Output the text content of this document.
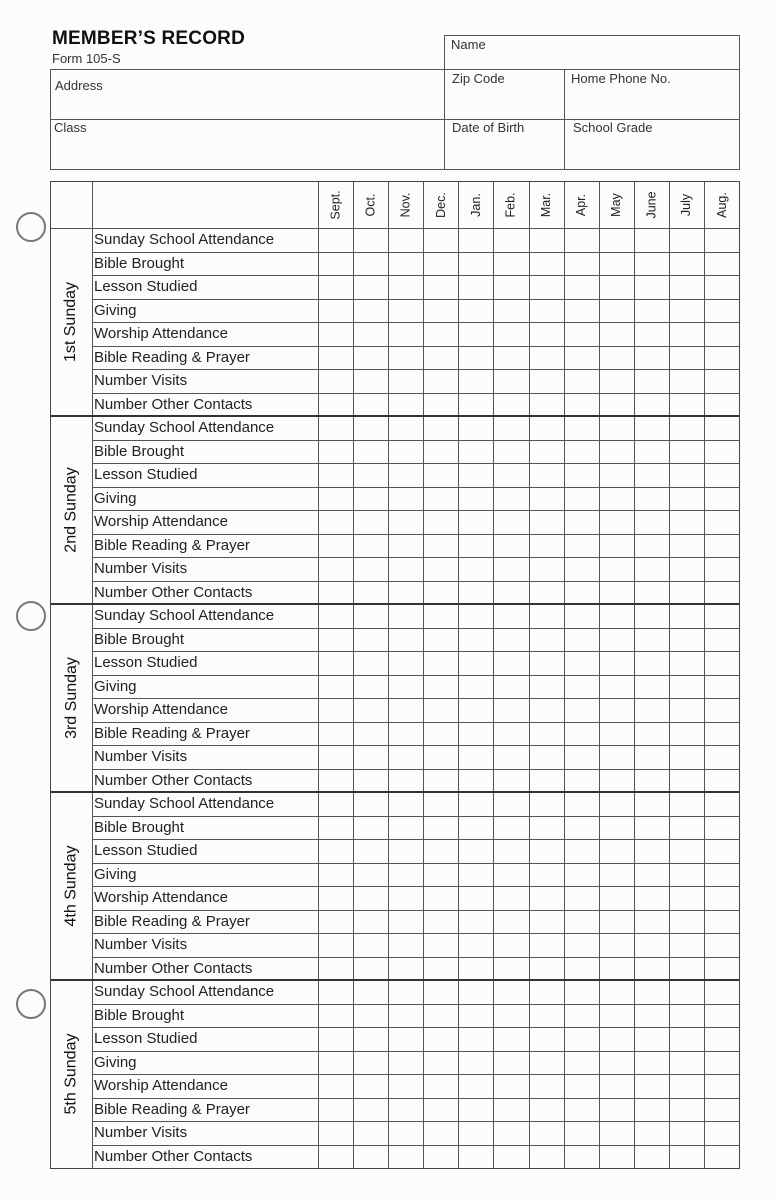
MEMBER’S RECORD
Form 105-S
Name
Address	Zip Code	Home Phone No.
Class	Date of Birth	School Grade
Sept. Oct. Nov. Dec. Jan. Feb. Mar. Apr. May June July Aug.
1st Sunday
Sunday School Attendance
Bible Brought
Lesson Studied
Giving
Worship Attendance
Bible Reading & Prayer
Number Visits
Number Other Contacts
2nd Sunday
Sunday School Attendance
Bible Brought
Lesson Studied
Giving
Worship Attendance
Bible Reading & Prayer
Number Visits
Number Other Contacts
3rd Sunday
Sunday School Attendance
Bible Brought
Lesson Studied
Giving
Worship Attendance
Bible Reading & Prayer
Number Visits
Number Other Contacts
4th Sunday
Sunday School Attendance
Bible Brought
Lesson Studied
Giving
Worship Attendance
Bible Reading & Prayer
Number Visits
Number Other Contacts
5th Sunday
Sunday School Attendance
Bible Brought
Lesson Studied
Giving
Worship Attendance
Bible Reading & Prayer
Number Visits
Number Other Contacts
